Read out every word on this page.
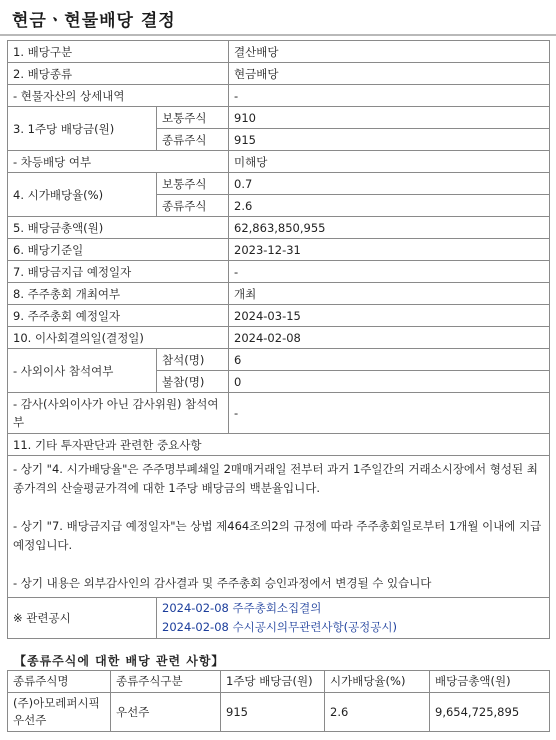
현금ㆍ현물배당 결정
1. 배당구분		결산배당
2. 배당종류		현금배당
- 현물자산의 상세내역		-
3. 1주당 배당금(원)	보통주식	910
	종류주식	915
- 차등배당 여부		미해당
4. 시가배당율(%)	보통주식	0.7
	종류주식	2.6
5. 배당금총액(원)		62,863,850,955
6. 배당기준일		2023-12-31
7. 배당금지급 예정일자		-
8. 주주총회 개최여부		개최
9. 주주총회 예정일자		2024-03-15
10. 이사회결의일(결정일)		2024-02-08
- 사외이사 참석여부	참석(명)	6
	불참(명)	0
- 감사(사외이사가 아닌 감사위원) 참석여부		-
11. 기타 투자판단과 관련한 중요사항		

- 상기 "4. 시가배당율"은 주주명부폐쇄일 2매매거래일 전부터 과거 1주일간의 거래소시장에서 형성된 최종가격의 산술평균가격에 대한 1주당 배당금의 백분율입니다.
- 상기 "7. 배당금지급 예정일자"는 상법 제464조의2의 규정에 따라 주주총회일로부터 1개월 이내에 지급 예정입니다.
- 상기 내용은 외부감사인의 감사결과 및 주주총회 승인과정에서 변경될 수 있습니다		

※ 관련공시	2024-02-08 주주총회소집결의
2024-02-08 수시공시의무관련사항(공정공시)	
【종류주식에 대한 배당 관련 사항】
종류주식명	종류주식구분	1주당 배당금(원)	시가배당율(%)	배당금총액(원)
(주)아모레퍼시픽 우선주	우선주	915	2.6	9,654,725,895
